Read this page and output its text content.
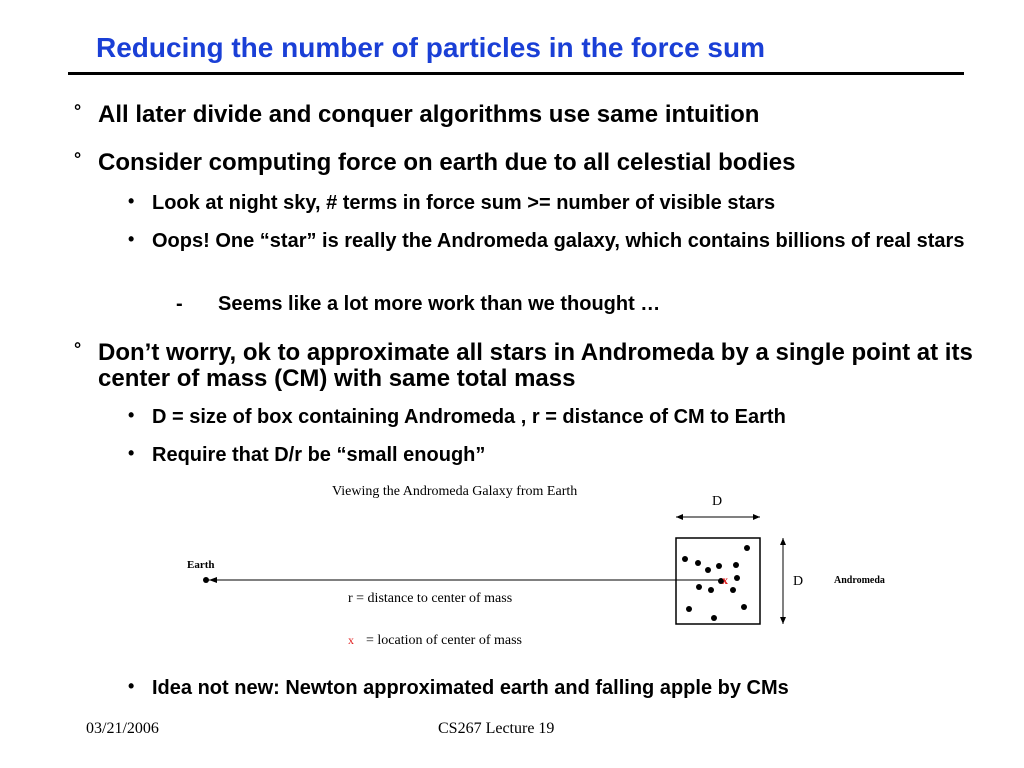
Reducing the number of particles in the force sum
° All later divide and conquer algorithms use same intuition
° Consider computing force on earth due to all celestial bodies
• Look at night sky, # terms in force sum >= number of visible stars
• Oops! One “star” is really the Andromeda galaxy, which contains billions of real stars
- Seems like a lot more work than we thought …
° Don’t worry, ok to approximate all stars in Andromeda by a single point at its center of mass (CM) with same total mass
• D = size of box containing Andromeda , r = distance of CM to Earth
• Require that D/r be “small enough”
Viewing the Andromeda Galaxy from Earth
D
D	Andromeda
x
Earth
r = distance to center of mass
x = location of center of mass
• Idea not new: Newton approximated earth and falling apple by CMs
03/21/2006	CS267 Lecture 19
